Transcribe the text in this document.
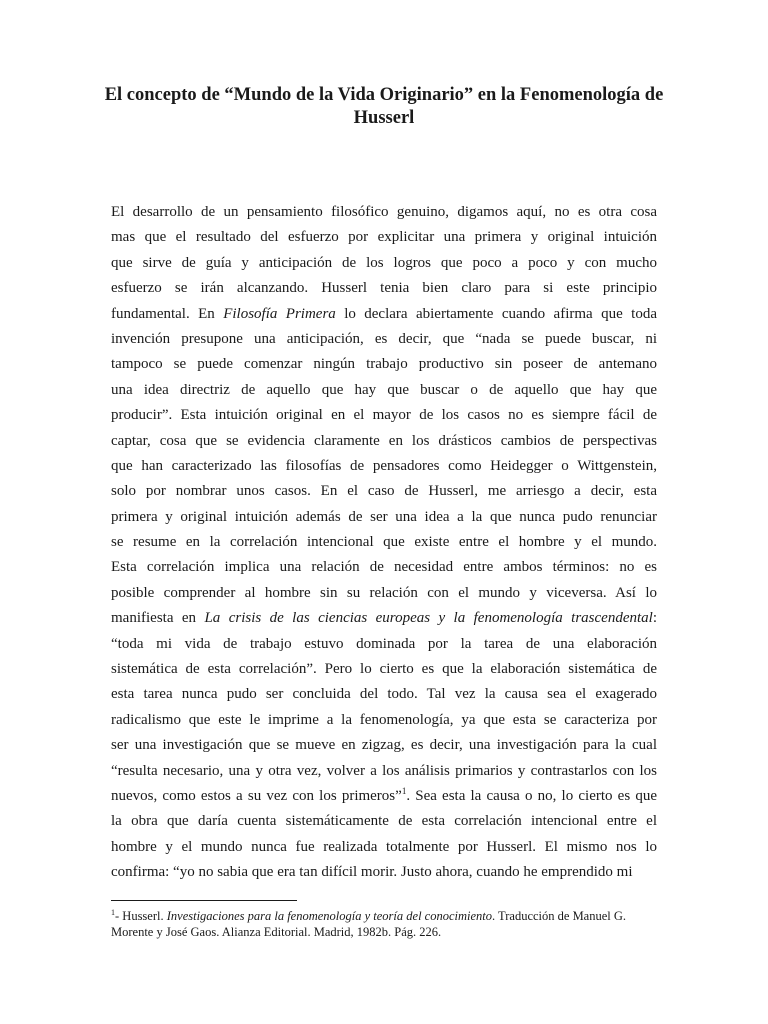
El concepto de “Mundo de la Vida Originario” en la Fenomenología de Husserl
El desarrollo de un pensamiento filosófico genuino, digamos aquí, no es otra cosa
mas que el resultado del esfuerzo por explicitar una primera y original intuición
que sirve de guía y anticipación de los logros que poco a poco y con mucho
esfuerzo se irán alcanzando. Husserl tenia bien claro para si este principio
fundamental. En Filosofía Primera lo declara abiertamente cuando afirma que toda
invención presupone una anticipación, es decir, que “nada se puede buscar, ni
tampoco se puede comenzar ningún trabajo productivo sin poseer de antemano
una idea directriz de aquello que hay que buscar o de aquello que hay que
producir”. Esta intuición original en el mayor de los casos no es siempre fácil de
captar, cosa que se evidencia claramente en los drásticos cambios de perspectivas
que han caracterizado las filosofías de pensadores como Heidegger o Wittgenstein,
solo por nombrar unos casos. En el caso de Husserl, me arriesgo a decir, esta
primera y original intuición además de ser una idea a la que nunca pudo renunciar
se resume en la correlación intencional que existe entre el hombre y el mundo.
Esta correlación implica una relación de necesidad entre ambos términos: no es
posible comprender al hombre sin su relación con el mundo y viceversa. Así lo
manifiesta en La crisis de las ciencias europeas y la fenomenología trascendental:
“toda mi vida de trabajo estuvo dominada por la tarea de una elaboración
sistemática de esta correlación”. Pero lo cierto es que la elaboración sistemática de
esta tarea nunca pudo ser concluida del todo. Tal vez la causa sea el exagerado
radicalismo que este le imprime a la fenomenología, ya que esta se caracteriza por
ser una investigación que se mueve en zigzag, es decir, una investigación para la cual
“resulta necesario, una y otra vez, volver a los análisis primarios y contrastarlos con los
nuevos, como estos a su vez con los primeros”$^1$. Sea esta la causa o no, lo cierto es que
la obra que daría cuenta sistemáticamente de esta correlación intencional entre el
hombre y el mundo nunca fue realizada totalmente por Husserl. El mismo nos lo
confirma: “yo no sabia que era tan difícil morir. Justo ahora, cuando he emprendido mi

$^1$- Husserl. Investigaciones para la fenomenología y teoría del conocimiento. Traducción de Manuel G. Morente y José Gaos. Alianza Editorial. Madrid, 1982b. Pág. 226.
